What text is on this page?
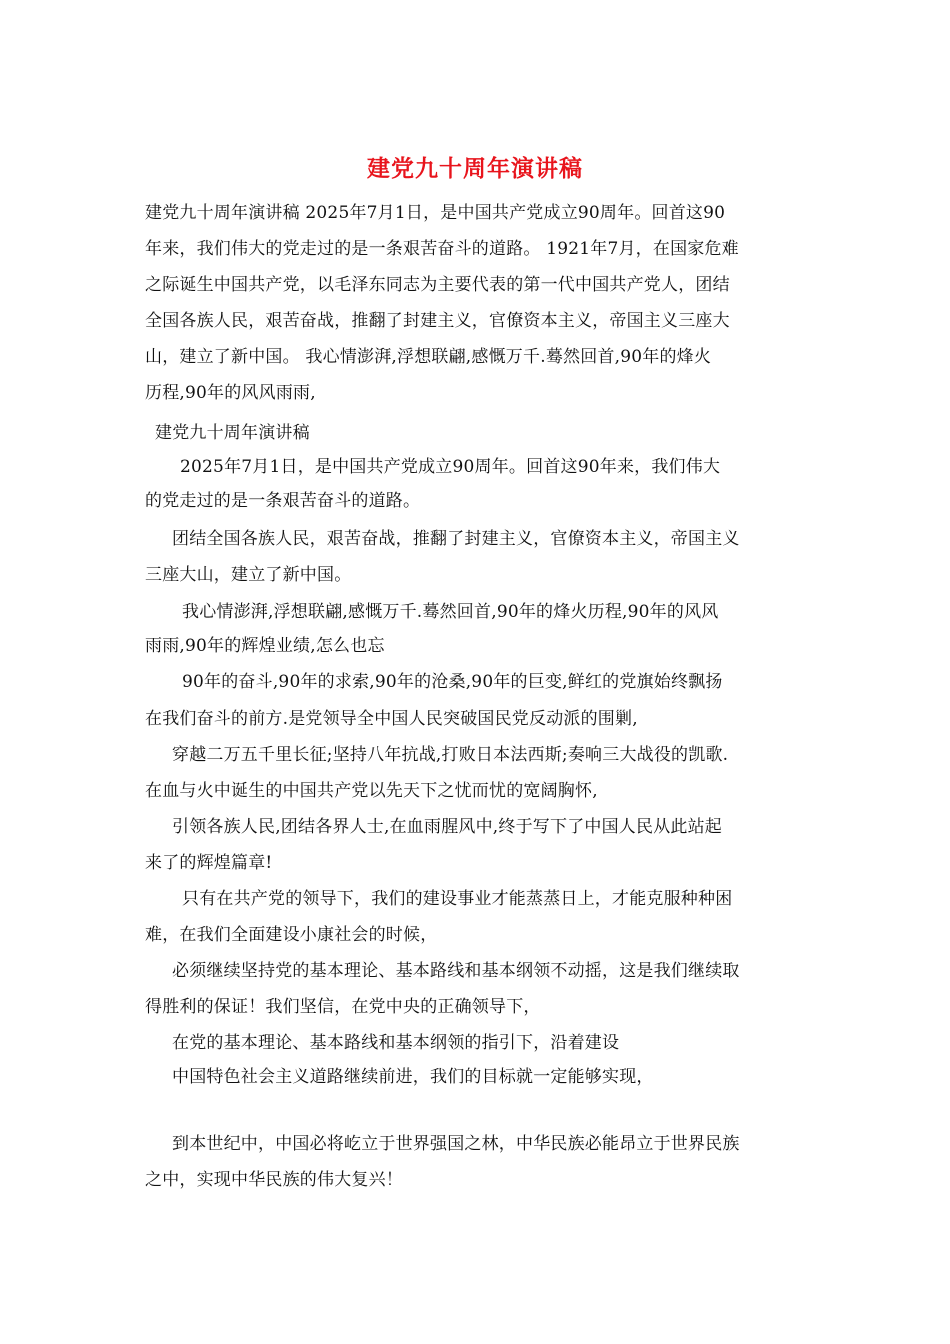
建党九十周年演讲稿
建党九十周年演讲稿 2025年7月1日，是中国共产党成立90周年。回首这90
年来，我们伟大的党走过的是一条艰苦奋斗的道路。 1921年7月，在国家危难
之际诞生中国共产党，以毛泽东同志为主要代表的第一代中国共产党人，团结
全国各族人民，艰苦奋战，推翻了封建主义，官僚资本主义，帝国主义三座大
山，建立了新中国。 我心情澎湃,浮想联翩,感慨万千.蓦然回首,90年的烽火
历程,90年的风风雨雨,
建党九十周年演讲稿
2025年7月1日，是中国共产党成立90周年。回首这90年来，我们伟大
的党走过的是一条艰苦奋斗的道路。
团结全国各族人民，艰苦奋战，推翻了封建主义，官僚资本主义，帝国主义
三座大山，建立了新中国。
我心情澎湃,浮想联翩,感慨万千.蓦然回首,90年的烽火历程,90年的风风
雨雨,90年的辉煌业绩,怎么也忘
90年的奋斗,90年的求索,90年的沧桑,90年的巨变,鲜红的党旗始终飘扬
在我们奋斗的前方.是党领导全中国人民突破国民党反动派的围剿,
穿越二万五千里长征;坚持八年抗战,打败日本法西斯;奏响三大战役的凯歌.
在血与火中诞生的中国共产党以先天下之忧而忧的宽阔胸怀,
引领各族人民,团结各界人士,在血雨腥风中,终于写下了中国人民从此站起
来了的辉煌篇章!
只有在共产党的领导下，我们的建设事业才能蒸蒸日上，才能克服种种困
难，在我们全面建设小康社会的时候，
必须继续坚持党的基本理论、基本路线和基本纲领不动摇，这是我们继续取
得胜利的保证！我们坚信，在党中央的正确领导下，
在党的基本理论、基本路线和基本纲领的指引下，沿着建设
中国特色社会主义道路继续前进，我们的目标就一定能够实现，
到本世纪中，中国必将屹立于世界强国之林，中华民族必能昂立于世界民族
之中，实现中华民族的伟大复兴！
